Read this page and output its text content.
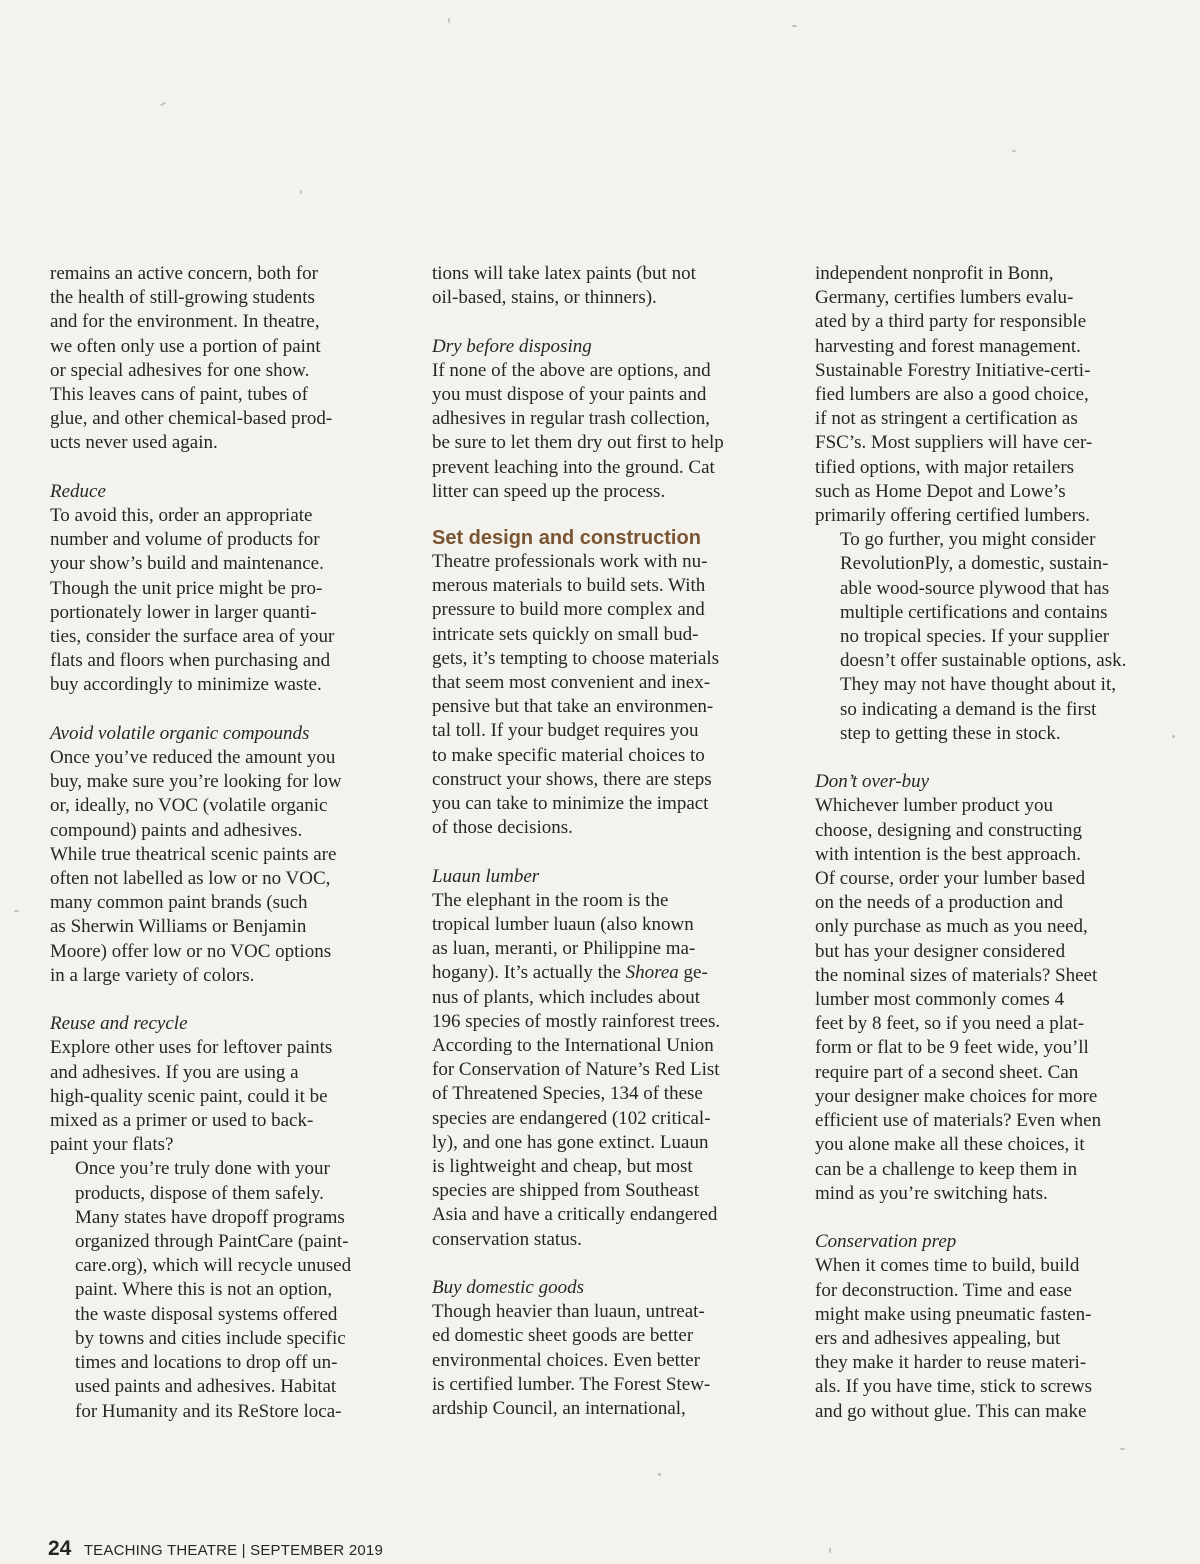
remains an active concern, both for
the health of still-growing students
and for the environment. In theatre,
we often only use a portion of paint
or special adhesives for one show.
This leaves cans of paint, tubes of
glue, and other chemical-based prod-
ucts never used again.

Reduce

To avoid this, order an appropriate
number and volume of products for
your show’s build and maintenance.
Though the unit price might be pro-
portionately lower in larger quanti-
ties, consider the surface area of your
flats and floors when purchasing and
buy accordingly to minimize waste.

Avoid volatile organic compounds

Once you’ve reduced the amount you
buy, make sure you’re looking for low
or, ideally, no VOC (volatile organic
compound) paints and adhesives.
While true theatrical scenic paints are
often not labelled as low or no VOC,
many common paint brands (such
as Sherwin Williams or Benjamin
Moore) offer low or no VOC options
in a large variety of colors.

Reuse and recycle

Explore other uses for leftover paints
and adhesives. If you are using a
high-quality scenic paint, could it be
mixed as a primer or used to back-
paint your flats?

Once you’re truly done with your
products, dispose of them safely.
Many states have dropoff programs
organized through PaintCare (paint-
care.org), which will recycle unused
paint. Where this is not an option,
the waste disposal systems offered
by towns and cities include specific
times and locations to drop off un-
used paints and adhesives. Habitat
for Humanity and its ReStore loca-

tions will take latex paints (but not
oil-based, stains, or thinners).

Dry before disposing

If none of the above are options, and
you must dispose of your paints and
adhesives in regular trash collection,
be sure to let them dry out first to help
prevent leaching into the ground. Cat
litter can speed up the process.

Set design and construction

Theatre professionals work with nu-
merous materials to build sets. With
pressure to build more complex and
intricate sets quickly on small bud-
gets, it’s tempting to choose materials
that seem most convenient and inex-
pensive but that take an environmen-
tal toll. If your budget requires you
to make specific material choices to
construct your shows, there are steps
you can take to minimize the impact
of those decisions.

Luaun lumber

The elephant in the room is the
tropical lumber luaun (also known
as luan, meranti, or Philippine ma-
hogany). It’s actually the Shorea ge-
nus of plants, which includes about
196 species of mostly rainforest trees.
According to the International Union
for Conservation of Nature’s Red List
of Threatened Species, 134 of these
species are endangered (102 critical-
ly), and one has gone extinct. Luaun
is lightweight and cheap, but most
species are shipped from Southeast
Asia and have a critically endangered
conservation status.

Buy domestic goods

Though heavier than luaun, untreat-
ed domestic sheet goods are better
environmental choices. Even better
is certified lumber. The Forest Stew-
ardship Council, an international,

independent nonprofit in Bonn,
Germany, certifies lumbers evalu-
ated by a third party for responsible
harvesting and forest management.
Sustainable Forestry Initiative-certi-
fied lumbers are also a good choice,
if not as stringent a certification as
FSC’s. Most suppliers will have cer-
tified options, with major retailers
such as Home Depot and Lowe’s
primarily offering certified lumbers.

To go further, you might consider
RevolutionPly, a domestic, sustain-
able wood-source plywood that has
multiple certifications and contains
no tropical species. If your supplier
doesn’t offer sustainable options, ask.
They may not have thought about it,
so indicating a demand is the first
step to getting these in stock.

Don’t over-buy

Whichever lumber product you
choose, designing and constructing
with intention is the best approach.
Of course, order your lumber based
on the needs of a production and
only purchase as much as you need,
but has your designer considered
the nominal sizes of materials? Sheet
lumber most commonly comes 4
feet by 8 feet, so if you need a plat-
form or flat to be 9 feet wide, you’ll
require part of a second sheet. Can
your designer make choices for more
efficient use of materials? Even when
you alone make all these choices, it
can be a challenge to keep them in
mind as you’re switching hats.

Conservation prep

When it comes time to build, build
for deconstruction. Time and ease
might make using pneumatic fasten-
ers and adhesives appealing, but
they make it harder to reuse materi-
als. If you have time, stick to screws
and go without glue. This can make

24 TEACHING THEATRE | SEPTEMBER 2019
